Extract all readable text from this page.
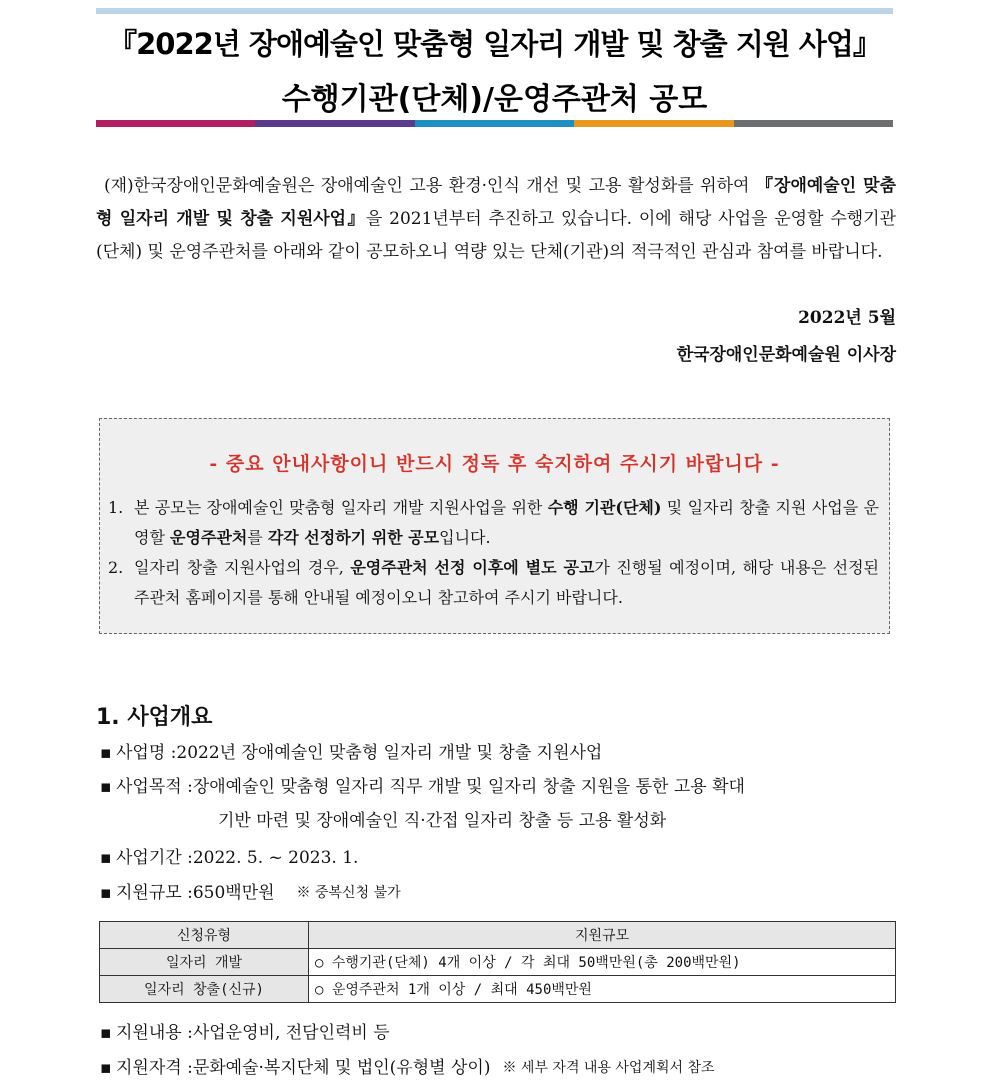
『2022년 장애예술인 맞춤형 일자리 개발 및 창출 지원 사업』
수행기관(단체)/운영주관처 공모

(재)한국장애인문화예술원은 장애예술인 고용 환경·인식 개선 및 고용 활성화를 위하여 『장애예술인 맞춤형 일자리 개발 및 창출 지원사업』을 2021년부터 추진하고 있습니다. 이에 해당 사업을 운영할 수행기관(단체) 및 운영주관처를 아래와 같이 공모하오니 역량 있는 단체(기관)의 적극적인 관심과 참여를 바랍니다.

2022년 5월
한국장애인문화예술원 이사장
- 중요 안내사항이니 반드시 정독 후 숙지하여 주시기 바랍니다 -
1. 본 공모는 장애예술인 맞춤형 일자리 개발 지원사업을 위한 수행 기관(단체) 및 일자리 창출 지원 사업을 운영할 운영주관처를 각각 선정하기 위한 공모입니다.
2. 일자리 창출 지원사업의 경우, 운영주관처 선정 이후에 별도 공고가 진행될 예정이며, 해당 내용은 선정된 주관처 홈페이지를 통해 안내될 예정이오니 참고하여 주시기 바랍니다.
1. 사업개요
▪ 사업명 : 2022년 장애예술인 맞춤형 일자리 개발 및 창출 지원사업
▪ 사업목적 : 장애예술인 맞춤형 일자리 직무 개발 및 일자리 창출 지원을 통한 고용 확대
기반 마련 및 장애예술인 직·간접 일자리 창출 등 고용 활성화
▪ 사업기간 : 2022. 5. ~ 2023. 1.
▪ 지원규모 : 650백만원 ※ 중복신청 불가
신청유형	지원규모
일자리 개발	○ 수행기관(단체) 4개 이상 / 각 최대 50백만원(총 200백만원)
일자리 창출(신규)	○ 운영주관처 1개 이상 / 최대 450백만원
▪ 지원내용 : 사업운영비, 전담인력비 등
▪ 지원자격 : 문화예술·복지단체 및 법인(유형별 상이) ※ 세부 자격 내용 사업계획서 참조
